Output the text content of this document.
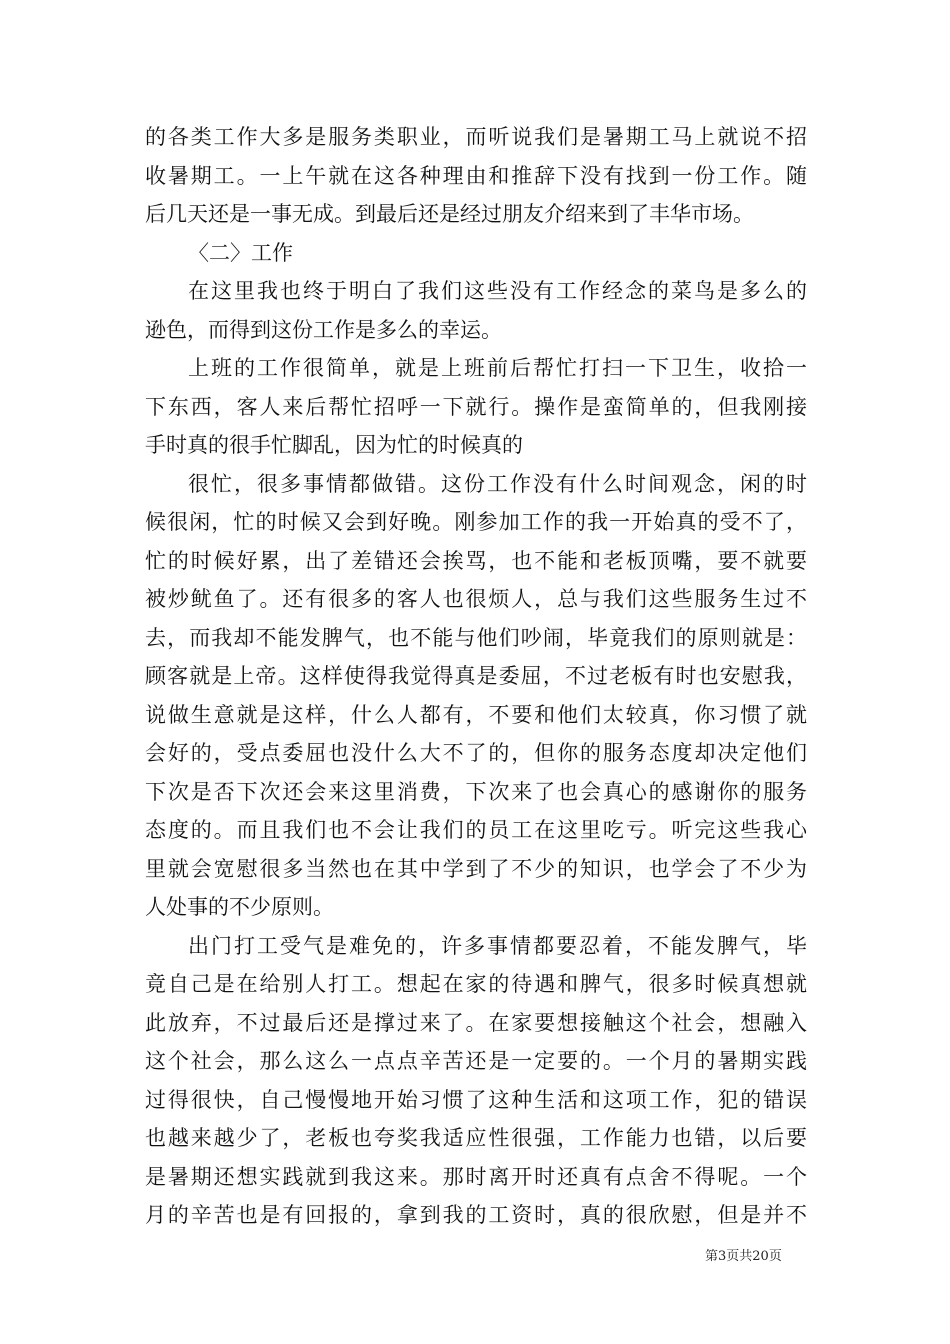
的各类工作大多是服务类职业，而听说我们是暑期工马上就说不招
收暑期工。一上午就在这各种理由和推辞下没有找到一份工作。随
后几天还是一事无成。到最后还是经过朋友介绍来到了丰华市场。
〈二〉工作
在这里我也终于明白了我们这些没有工作经念的菜鸟是多么的
逊色，而得到这份工作是多么的幸运。
上班的工作很简单，就是上班前后帮忙打扫一下卫生，收拾一
下东西，客人来后帮忙招呼一下就行。操作是蛮简单的，但我刚接
手时真的很手忙脚乱，因为忙的时候真的
很忙，很多事情都做错。这份工作没有什么时间观念，闲的时
候很闲，忙的时候又会到好晚。刚参加工作的我一开始真的受不了，
忙的时候好累，出了差错还会挨骂，也不能和老板顶嘴，要不就要
被炒鱿鱼了。还有很多的客人也很烦人，总与我们这些服务生过不
去，而我却不能发脾气，也不能与他们吵闹，毕竟我们的原则就是：
顾客就是上帝。这样使得我觉得真是委屈，不过老板有时也安慰我，
说做生意就是这样，什么人都有，不要和他们太较真，你习惯了就
会好的，受点委屈也没什么大不了的，但你的服务态度却决定他们
下次是否下次还会来这里消费，下次来了也会真心的感谢你的服务
态度的。而且我们也不会让我们的员工在这里吃亏。听完这些我心
里就会宽慰很多当然也在其中学到了不少的知识，也学会了不少为
人处事的不少原则。
出门打工受气是难免的，许多事情都要忍着，不能发脾气，毕
竟自己是在给别人打工。想起在家的待遇和脾气，很多时候真想就
此放弃，不过最后还是撑过来了。在家要想接触这个社会，想融入
这个社会，那么这么一点点辛苦还是一定要的。一个月的暑期实践
过得很快，自己慢慢地开始习惯了这种生活和这项工作，犯的错误
也越来越少了，老板也夸奖我适应性很强，工作能力也错，以后要
是暑期还想实践就到我这来。那时离开时还真有点舍不得呢。一个
月的辛苦也是有回报的，拿到我的工资时，真的很欣慰，但是并不
第3页共20页
